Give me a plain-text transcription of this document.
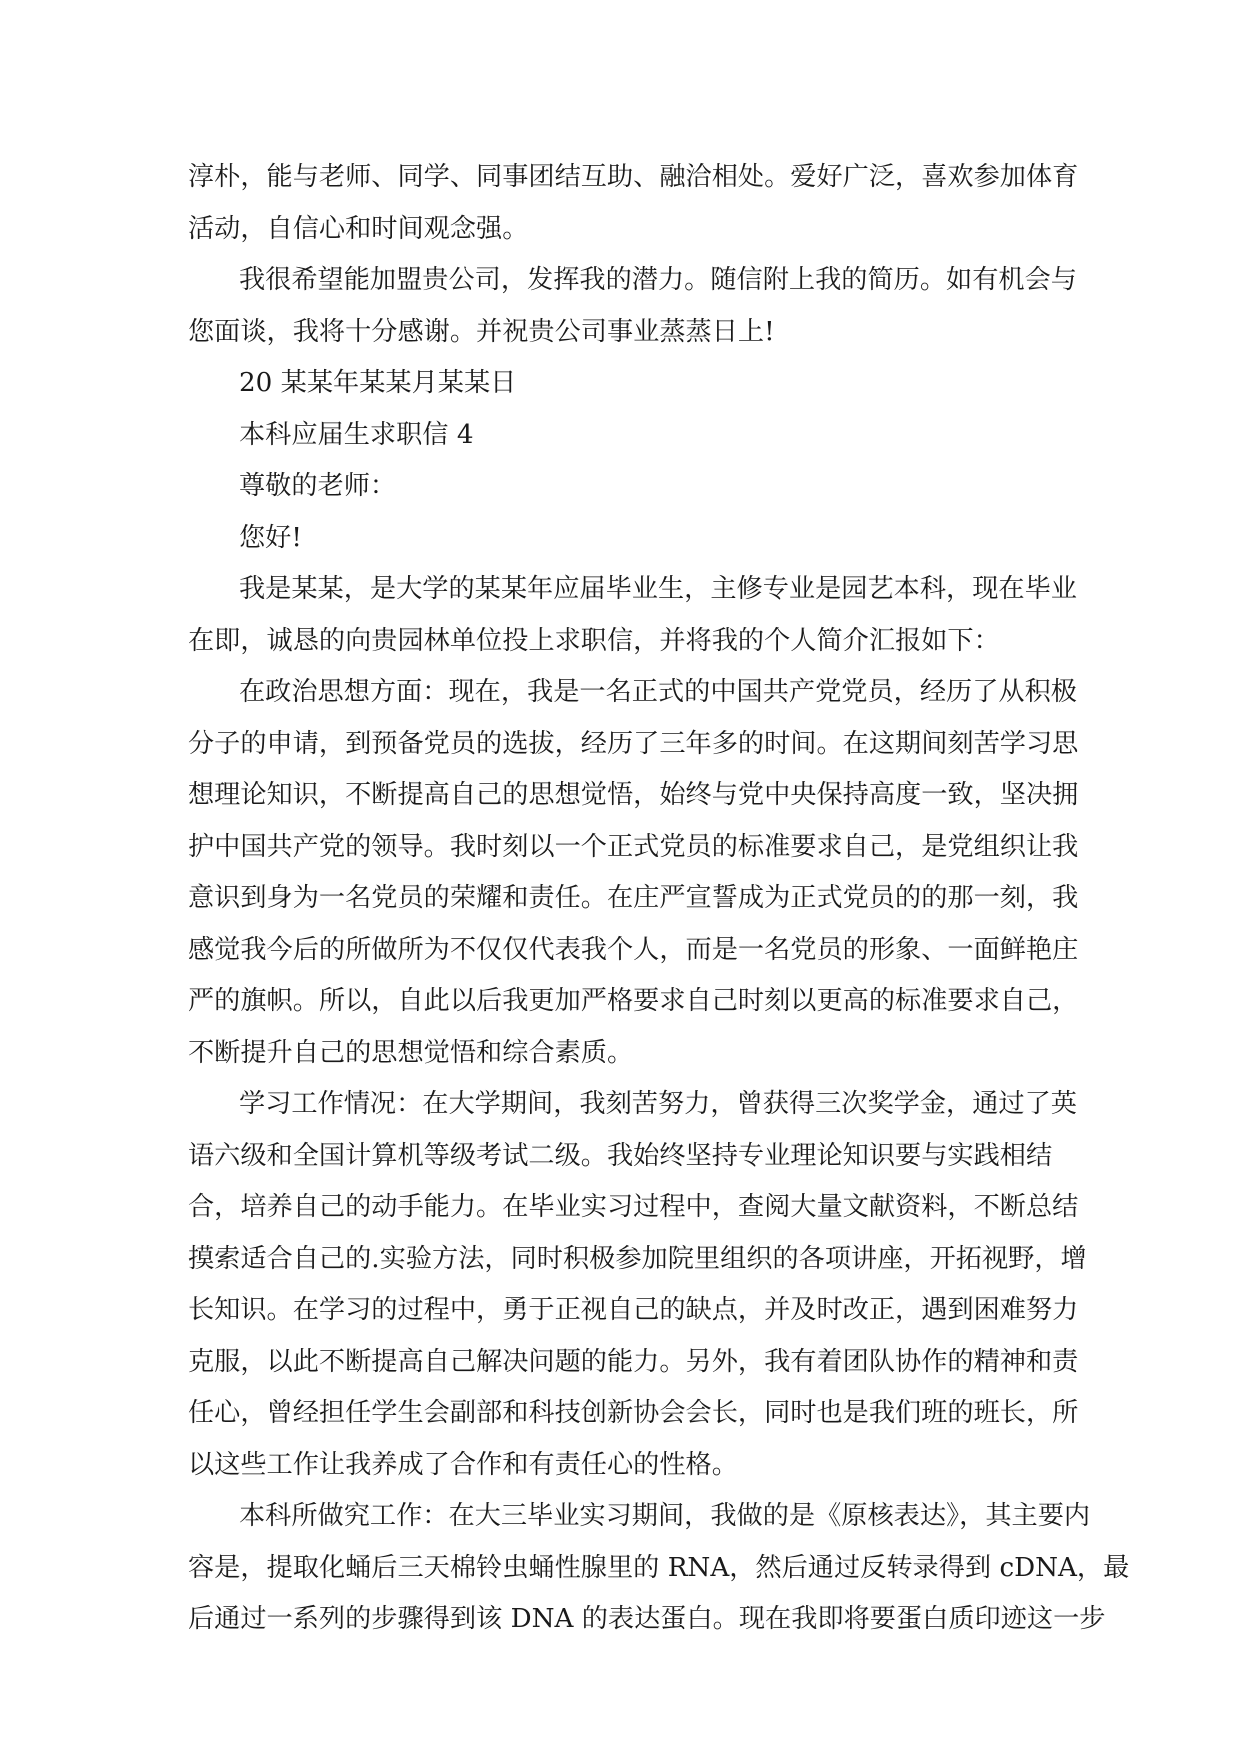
淳朴，能与老师、同学、同事团结互助、融洽相处。爱好广泛，喜欢参加体育
活动，自信心和时间观念强。
我很希望能加盟贵公司，发挥我的潜力。随信附上我的简历。如有机会与
您面谈，我将十分感谢。并祝贵公司事业蒸蒸日上!
20 某某年某某月某某日
本科应届生求职信 4
尊敬的老师：
您好!
我是某某，是大学的某某年应届毕业生，主修专业是园艺本科，现在毕业
在即，诚恳的向贵园林单位投上求职信，并将我的个人简介汇报如下：
在政治思想方面：现在，我是一名正式的中国共产党党员，经历了从积极
分子的申请，到预备党员的选拔，经历了三年多的时间。在这期间刻苦学习思
想理论知识，不断提高自己的思想觉悟，始终与党中央保持高度一致，坚决拥
护中国共产党的领导。我时刻以一个正式党员的标准要求自己，是党组织让我
意识到身为一名党员的荣耀和责任。在庄严宣誓成为正式党员的的那一刻，我
感觉我今后的所做所为不仅仅代表我个人，而是一名党员的形象、一面鲜艳庄
严的旗帜。所以，自此以后我更加严格要求自己时刻以更高的标准要求自己，
不断提升自己的思想觉悟和综合素质。
学习工作情况：在大学期间，我刻苦努力，曾获得三次奖学金，通过了英
语六级和全国计算机等级考试二级。我始终坚持专业理论知识要与实践相结
合，培养自己的动手能力。在毕业实习过程中，查阅大量文献资料，不断总结
摸索适合自己的.实验方法，同时积极参加院里组织的各项讲座，开拓视野，增
长知识。在学习的过程中，勇于正视自己的缺点，并及时改正，遇到困难努力
克服，以此不断提高自己解决问题的能力。另外，我有着团队协作的精神和责
任心，曾经担任学生会副部和科技创新协会会长，同时也是我们班的班长，所
以这些工作让我养成了合作和有责任心的性格。
本科所做究工作：在大三毕业实习期间，我做的是《原核表达》，其主要内
容是，提取化蛹后三天棉铃虫蛹性腺里的 RNA，然后通过反转录得到 cDNA，最
后通过一系列的步骤得到该 DNA 的表达蛋白。现在我即将要蛋白质印迹这一步
